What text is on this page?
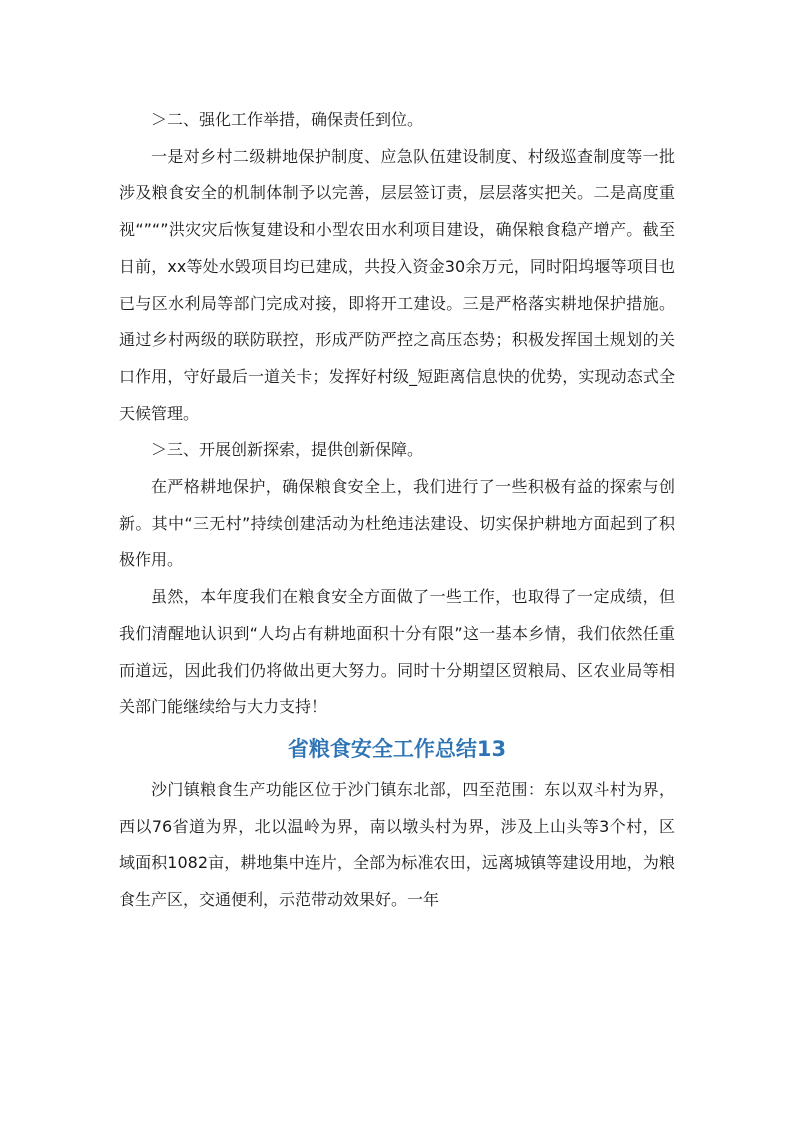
＞二、强化工作举措，确保责任到位。

一是对乡村二级耕地保护制度、应急队伍建设制度、村级巡查制度等一批涉及粮食安全的机制体制予以完善，层层签订责，层层落实把关。二是高度重视“”“”洪灾灾后恢复建设和小型农田水利项目建设，确保粮食稳产增产。截至日前，xx等处水毁项目均已建成，共投入资金30余万元，同时阳坞堰等项目也已与区水利局等部门完成对接，即将开工建设。三是严格落实耕地保护措施。通过乡村两级的联防联控，形成严防严控之高压态势；积极发挥国土规划的关口作用，守好最后一道关卡；发挥好村级_短距离信息快的优势，实现动态式全天候管理。

＞三、开展创新探索，提供创新保障。

在严格耕地保护，确保粮食安全上，我们进行了一些积极有益的探索与创新。其中“三无村”持续创建活动为杜绝违法建设、切实保护耕地方面起到了积极作用。

虽然，本年度我们在粮食安全方面做了一些工作，也取得了一定成绩，但我们清醒地认识到“人均占有耕地面积十分有限”这一基本乡情，我们依然任重而道远，因此我们仍将做出更大努力。同时十分期望区贸粮局、区农业局等相关部门能继续给与大力支持！

省粮食安全工作总结13

沙门镇粮食生产功能区位于沙门镇东北部，四至范围：东以双斗村为界，西以76省道为界，北以温岭为界，南以墩头村为界，涉及上山头等3个村，区域面积1082亩，耕地集中连片，全部为标准农田，远离城镇等建设用地，为粮食生产区，交通便利，示范带动效果好。一年
